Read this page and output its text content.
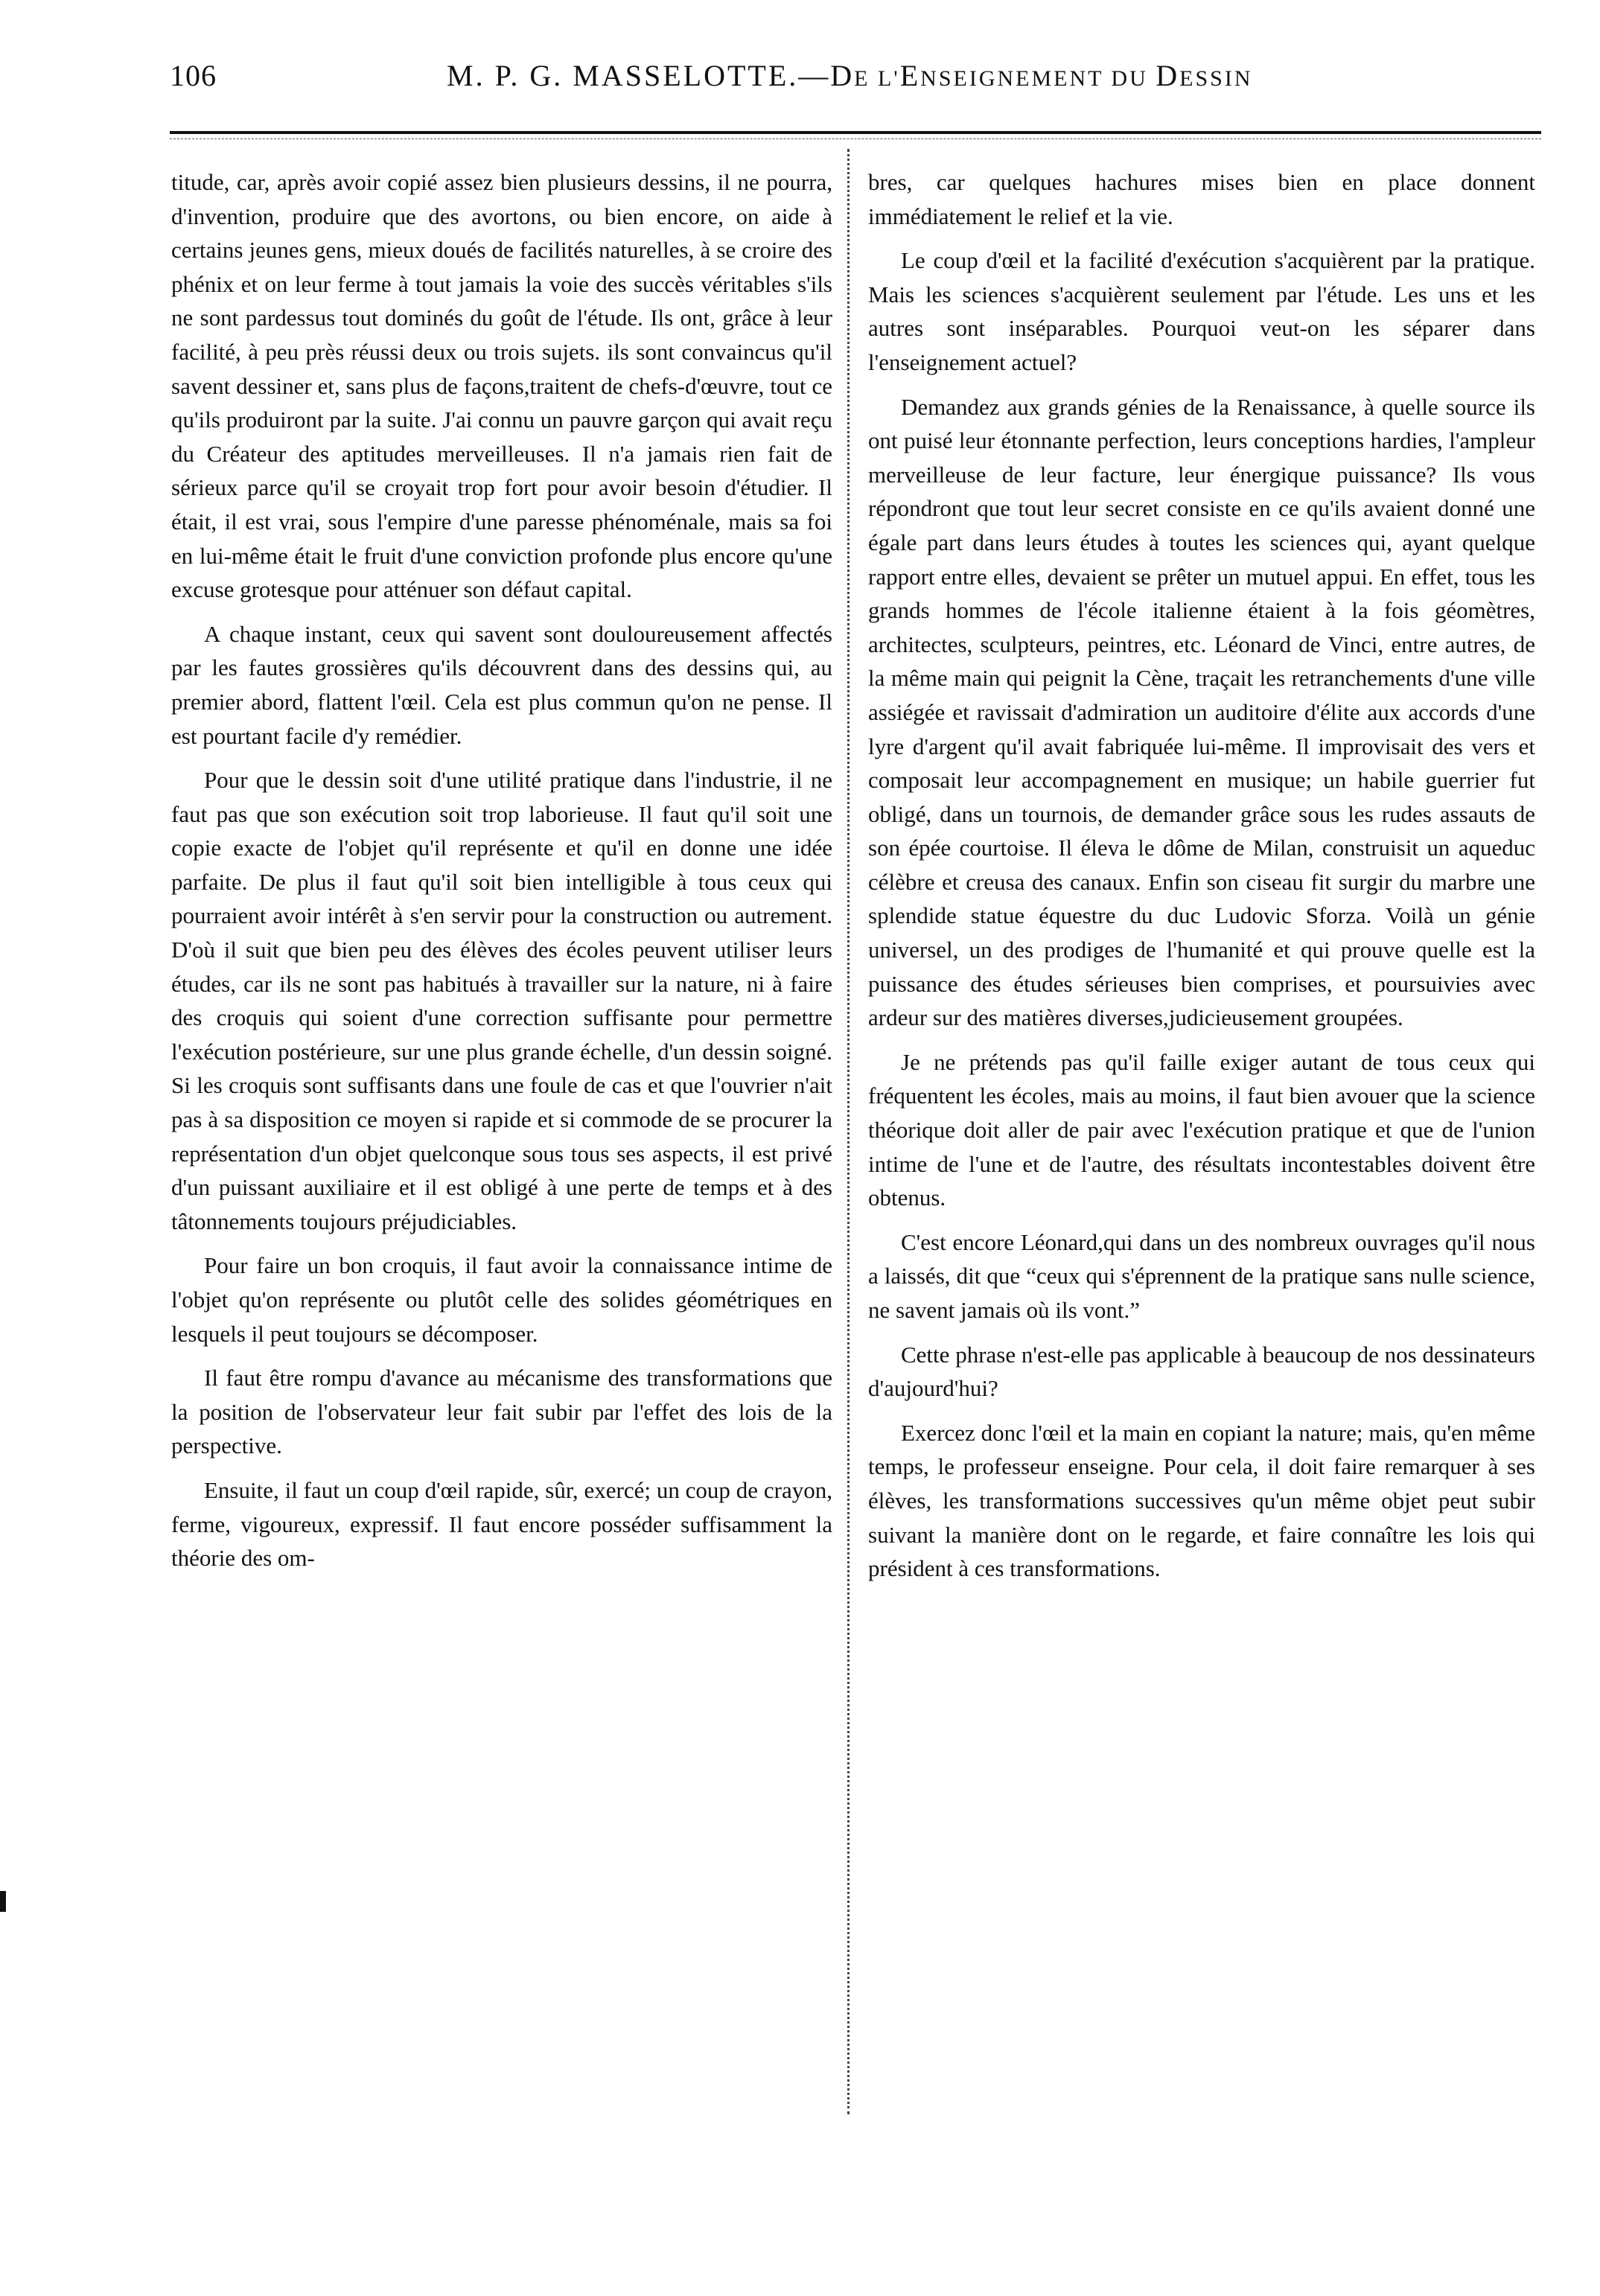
106	M. P. G. MASSELOTTE.—DE L'ENSEIGNEMENT DU DESSIN

titude, car, après avoir copié assez bien plusieurs dessins, il ne pourra, d'invention, produire que des avortons, ou bien encore, on aide à certains jeunes gens, mieux doués de facilités naturelles, à se croire des phénix et on leur ferme à tout jamais la voie des succès véritables s'ils ne sont pardessus tout dominés du goût de l'étude. Ils ont, grâce à leur facilité, à peu près réussi deux ou trois sujets. ils sont convaincus qu'il savent dessiner et, sans plus de façons,traitent de chefs-d'œuvre, tout ce qu'ils produiront par la suite. J'ai connu un pauvre garçon qui avait reçu du Créateur des aptitudes merveilleuses. Il n'a jamais rien fait de sérieux parce qu'il se croyait trop fort pour avoir besoin d'étudier. Il était, il est vrai, sous l'empire d'une paresse phénoménale, mais sa foi en lui-même était le fruit d'une conviction profonde plus encore qu'une excuse grotesque pour atténuer son défaut capital.

A chaque instant, ceux qui savent sont douloureusement affectés par les fautes grossières qu'ils découvrent dans des dessins qui, au premier abord, flattent l'œil. Cela est plus commun qu'on ne pense. Il est pourtant facile d'y remédier.

Pour que le dessin soit d'une utilité pratique dans l'industrie, il ne faut pas que son exécution soit trop laborieuse. Il faut qu'il soit une copie exacte de l'objet qu'il représente et qu'il en donne une idée parfaite. De plus il faut qu'il soit bien intelligible à tous ceux qui pourraient avoir intérêt à s'en servir pour la construction ou autrement. D'où il suit que bien peu des élèves des écoles peuvent utiliser leurs études, car ils ne sont pas habitués à travailler sur la nature, ni à faire des croquis qui soient d'une correction suffisante pour permettre l'exécution postérieure, sur une plus grande échelle, d'un dessin soigné. Si les croquis sont suffisants dans une foule de cas et que l'ouvrier n'ait pas à sa disposition ce moyen si rapide et si commode de se procurer la représentation d'un objet quelconque sous tous ses aspects, il est privé d'un puissant auxiliaire et il est obligé à une perte de temps et à des tâtonnements toujours préjudiciables.

Pour faire un bon croquis, il faut avoir la connaissance intime de l'objet qu'on représente ou plutôt celle des solides géométriques en lesquels il peut toujours se décomposer.

Il faut être rompu d'avance au mécanisme des transformations que la position de l'observateur leur fait subir par l'effet des lois de la perspective.

Ensuite, il faut un coup d'œil rapide, sûr, exercé; un coup de crayon, ferme, vigoureux, expressif. Il faut encore posséder suffisamment la théorie des om-

bres, car quelques hachures mises bien en place donnent immédiatement le relief et la vie.

Le coup d'œil et la facilité d'exécution s'acquièrent par la pratique. Mais les sciences s'acquièrent seulement par l'étude. Les uns et les autres sont inséparables. Pourquoi veut-on les séparer dans l'enseignement actuel?

Demandez aux grands génies de la Renaissance, à quelle source ils ont puisé leur étonnante perfection, leurs conceptions hardies, l'ampleur merveilleuse de leur facture, leur énergique puissance? Ils vous répondront que tout leur secret consiste en ce qu'ils avaient donné une égale part dans leurs études à toutes les sciences qui, ayant quelque rapport entre elles, devaient se prêter un mutuel appui. En effet, tous les grands hommes de l'école italienne étaient à la fois géomètres, architectes, sculpteurs, peintres, etc. Léonard de Vinci, entre autres, de la même main qui peignit la Cène, traçait les retranchements d'une ville assiégée et ravissait d'admiration un auditoire d'élite aux accords d'une lyre d'argent qu'il avait fabriquée lui-même. Il improvisait des vers et composait leur accompagnement en musique; un habile guerrier fut obligé, dans un tournois, de demander grâce sous les rudes assauts de son épée courtoise. Il éleva le dôme de Milan, construisit un aqueduc célèbre et creusa des canaux. Enfin son ciseau fit surgir du marbre une splendide statue équestre du duc Ludovic Sforza. Voilà un génie universel, un des prodiges de l'humanité et qui prouve quelle est la puissance des études sérieuses bien comprises, et poursuivies avec ardeur sur des matières diverses,judicieusement groupées.

Je ne prétends pas qu'il faille exiger autant de tous ceux qui fréquentent les écoles, mais au moins, il faut bien avouer que la science théorique doit aller de pair avec l'exécution pratique et que de l'union intime de l'une et de l'autre, des résultats incontestables doivent être obtenus.

C'est encore Léonard,qui dans un des nombreux ouvrages qu'il nous a laissés, dit que “ceux qui s'éprennent de la pratique sans nulle science, ne savent jamais où ils vont.”

Cette phrase n'est-elle pas applicable à beaucoup de nos dessinateurs d'aujourd'hui?

Exercez donc l'œil et la main en copiant la nature; mais, qu'en même temps, le professeur enseigne. Pour cela, il doit faire remarquer à ses élèves, les transformations successives qu'un même objet peut subir suivant la manière dont on le regarde, et faire connaître les lois qui président à ces transformations.
